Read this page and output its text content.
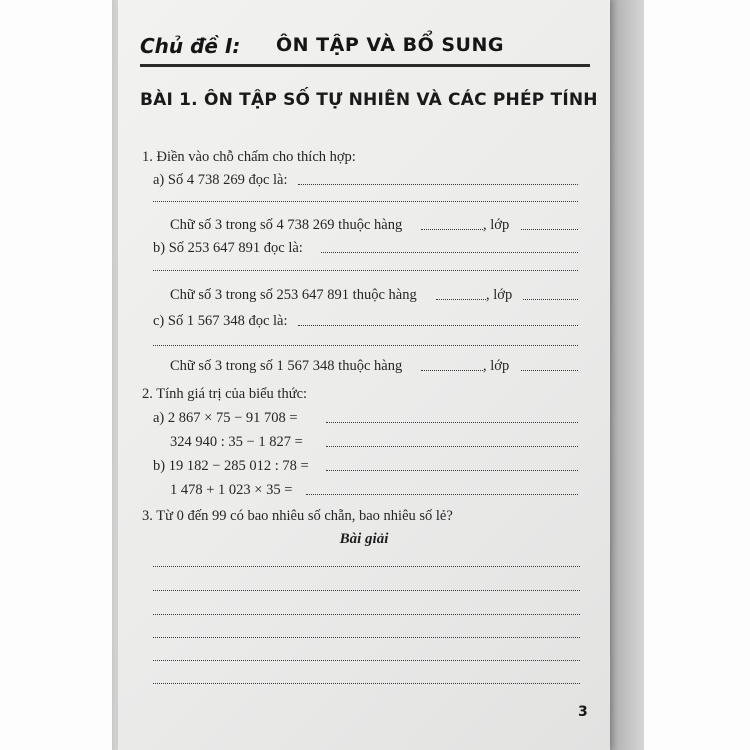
Chủ đề I: ÔN TẬP VÀ BỔ SUNG
BÀI 1. ÔN TẬP SỐ TỰ NHIÊN VÀ CÁC PHÉP TÍNH
1. Điền vào chỗ chấm cho thích hợp:
a) Số 4 738 269 đọc là:
Chữ số 3 trong số 4 738 269 thuộc hàng	, lớp
b) Số 253 647 891 đọc là:
Chữ số 3 trong số 253 647 891 thuộc hàng	, lớp
c) Số 1 567 348 đọc là:
Chữ số 3 trong số 1 567 348 thuộc hàng	, lớp
2. Tính giá trị của biểu thức:
a) 2 867 × 75 − 91 708 =
324 940 : 35 − 1 827 =
b) 19 182 − 285 012 : 78 =
1 478 + 1 023 × 35 =
3. Từ 0 đến 99 có bao nhiêu số chẵn, bao nhiêu số lẻ?
Bài giải
3
